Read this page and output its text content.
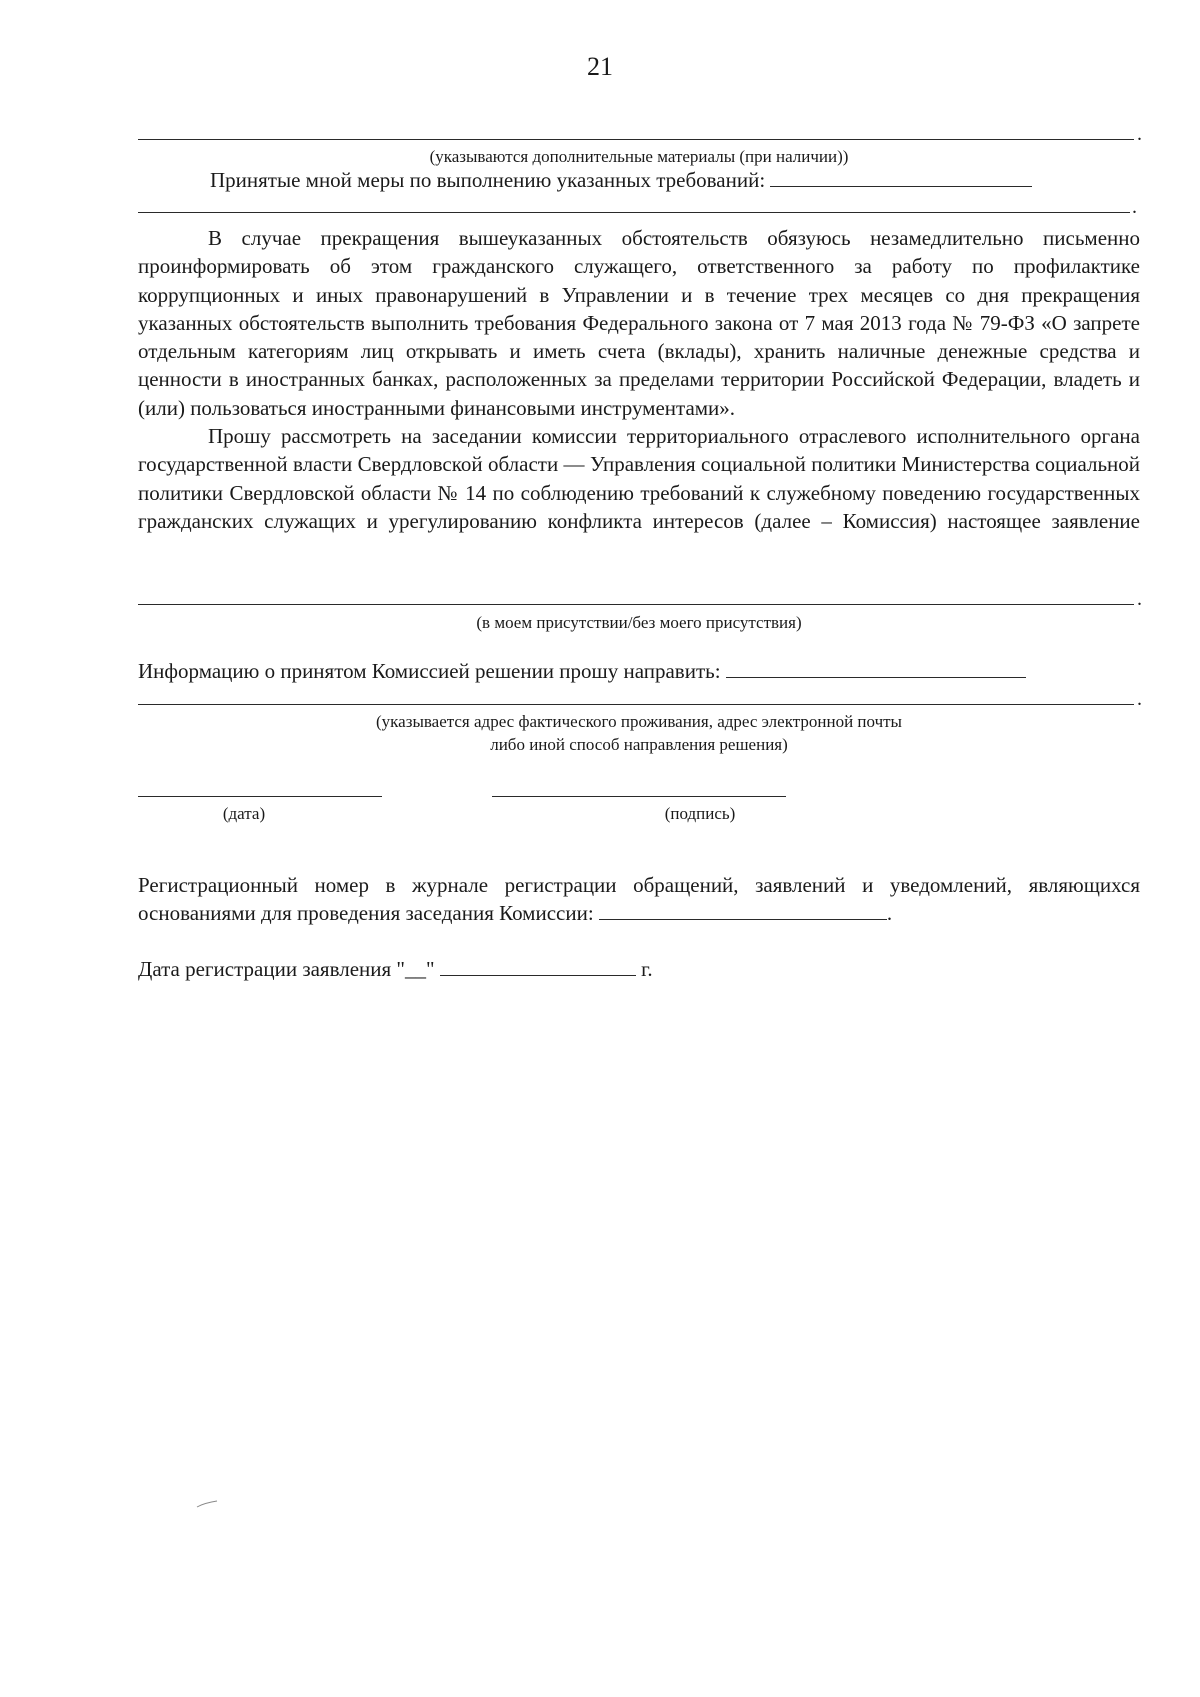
21
.
(указываются дополнительные материалы (при наличии))
Принятые мной меры по выполнению указанных требований:
.

В случае прекращения вышеуказанных обстоятельств обязуюсь незамедлительно письменно проинформировать об этом гражданского служащего, ответственного за работу по профилактике коррупционных и иных правонарушений в Управлении и в течение трех месяцев со дня прекращения указанных обстоятельств выполнить требования Федерального закона от 7 мая 2013 года № 79-ФЗ «О запрете отдельным категориям лиц открывать и иметь счета (вклады), хранить наличные денежные средства и ценности в иностранных банках, расположенных за пределами территории Российской Федерации, владеть и (или) пользоваться иностранными финансовыми инструментами».

Прошу рассмотреть на заседании комиссии территориального отраслевого исполнительного органа государственной власти Свердловской области — Управления социальной политики Министерства социальной политики Свердловской области № 14 по соблюдению требований к служебному поведению государственных гражданских служащих и урегулированию конфликта интересов (далее – Комиссия) настоящее заявление

.
(в моем присутствии/без моего присутствия)
Информацию о принятом Комиссией решении прошу направить:
.
(указывается адрес фактического проживания, адрес электронной почты
либо иной способ направления решения)
(дата)	(подпись)

Регистрационный номер в журнале регистрации обращений, заявлений и уведомлений, являющихся основаниями для проведения заседания Комиссии:	.

Дата регистрации заявления "__"	г.
